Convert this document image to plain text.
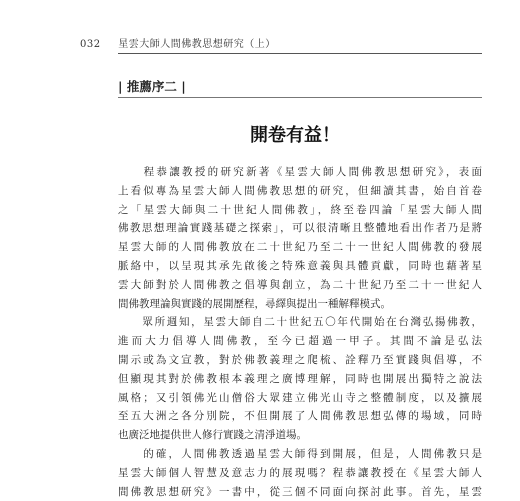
032 星雲大師人間佛教思想研究（上）
| 推薦序二 |
開卷有益！

　　程恭讓教授的研究新著《星雲大師人間佛教思想研究》，表面
上看似專為星雲大師人間佛教思想的研究，但細讀其書，始自首卷
之「星雲大師與二十世紀人間佛教」，終至卷四論「星雲大師人間
佛教思想理論實踐基礎之探索」，可以很清晰且整體地看出作者乃是將
星雲大師的人間佛教放在二十世紀乃至二十一世紀人間佛教的發展
脈絡中，以呈現其承先啟後之特殊意義與具體貢獻，同時也藉著星
雲大師對於人間佛教之倡導與創立，為二十世紀乃至二十一世紀人
間佛教理論與實踐的展開歷程，尋繹與提出一種解釋模式。

　　眾所週知，星雲大師自二十世紀五〇年代開始在台灣弘揚佛教，
進而大力倡導人間佛教，至今已超過一甲子。其間不論是弘法
開示或為文宣教，對於佛教義理之爬梳、詮釋乃至實踐與倡導，不
但顯現其對於佛教根本義理之廣博理解，同時也開展出獨特之說法
風格；又引領佛光山僧俗大眾建立佛光山寺之整體制度，以及擴展
至五大洲之各分別院，不但開展了人間佛教思想弘傳的場域，同時
也廣泛地提供世人修行實踐之清淨道場。

　　的確，人間佛教透過星雲大師得到開展，但是，人間佛教只是
星雲大師個人智慧及意志力的展現嗎？程恭讓教授在《星雲大師人
間佛教思想研究》一書中，從三個不同面向探討此事。首先，星雲
